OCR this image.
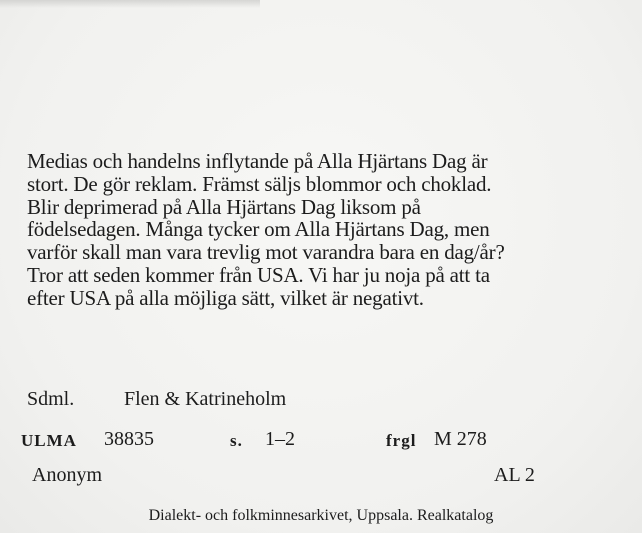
Medias och handelns inflytande på Alla Hjärtans Dag är
stort. De gör reklam. Främst säljs blommor och choklad.
Blir deprimerad på Alla Hjärtans Dag liksom på
födelsedagen. Många tycker om Alla Hjärtans Dag, men
varför skall man vara trevlig mot varandra bara en dag/år?
Tror att seden kommer från USA. Vi har ju noja på att ta
efter USA på alla möjliga sätt, vilket är negativt.
Sdml. Flen & Katrineholm
ULMA 38835	s. 1–2	frgl M 278
Anonym	AL 2
Dialekt- och folkminnesarkivet, Uppsala. Realkatalog
